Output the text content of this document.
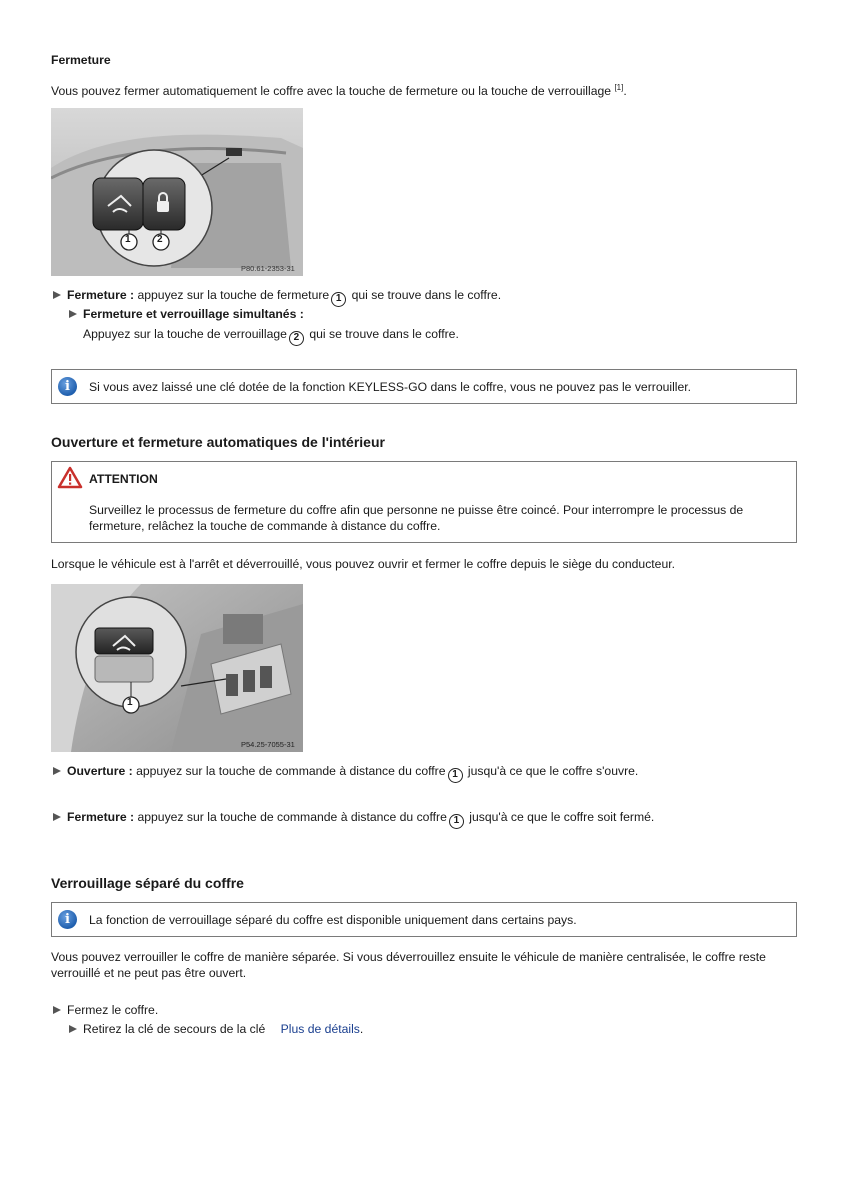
Fermeture
Vous pouvez fermer automatiquement le coffre avec la touche de fermeture ou la touche de verrouillage [1].
1	2
P80.61-2353-31
Fermeture : appuyez sur la touche de fermeture 1 qui se trouve dans le coffre.
Fermeture et verrouillage simultanés :
Appuyez sur la touche de verrouillage 2 qui se trouve dans le coffre.
i	Si vous avez laissé une clé dotée de la fonction KEYLESS-GO dans le coffre, vous ne pouvez pas le verrouiller.
Ouverture et fermeture automatiques de l'intérieur
ATTENTION
Surveillez le processus de fermeture du coffre afin que personne ne puisse être coincé. Pour interrompre le processus de fermeture, relâchez la touche de commande à distance du coffre.
Lorsque le véhicule est à l'arrêt et déverrouillé, vous pouvez ouvrir et fermer le coffre depuis le siège du conducteur.
1
P54.25-7055-31
Ouverture : appuyez sur la touche de commande à distance du coffre 1 jusqu'à ce que le coffre s'ouvre.
Fermeture : appuyez sur la touche de commande à distance du coffre 1 jusqu'à ce que le coffre soit fermé.
Verrouillage séparé du coffre
i	La fonction de verrouillage séparé du coffre est disponible uniquement dans certains pays.
Vous pouvez verrouiller le coffre de manière séparée. Si vous déverrouillez ensuite le véhicule de manière centralisée, le coffre reste verrouillé et ne peut pas être ouvert.
Fermez le coffre.
Retirez la clé de secours de la clé Plus de détails.
